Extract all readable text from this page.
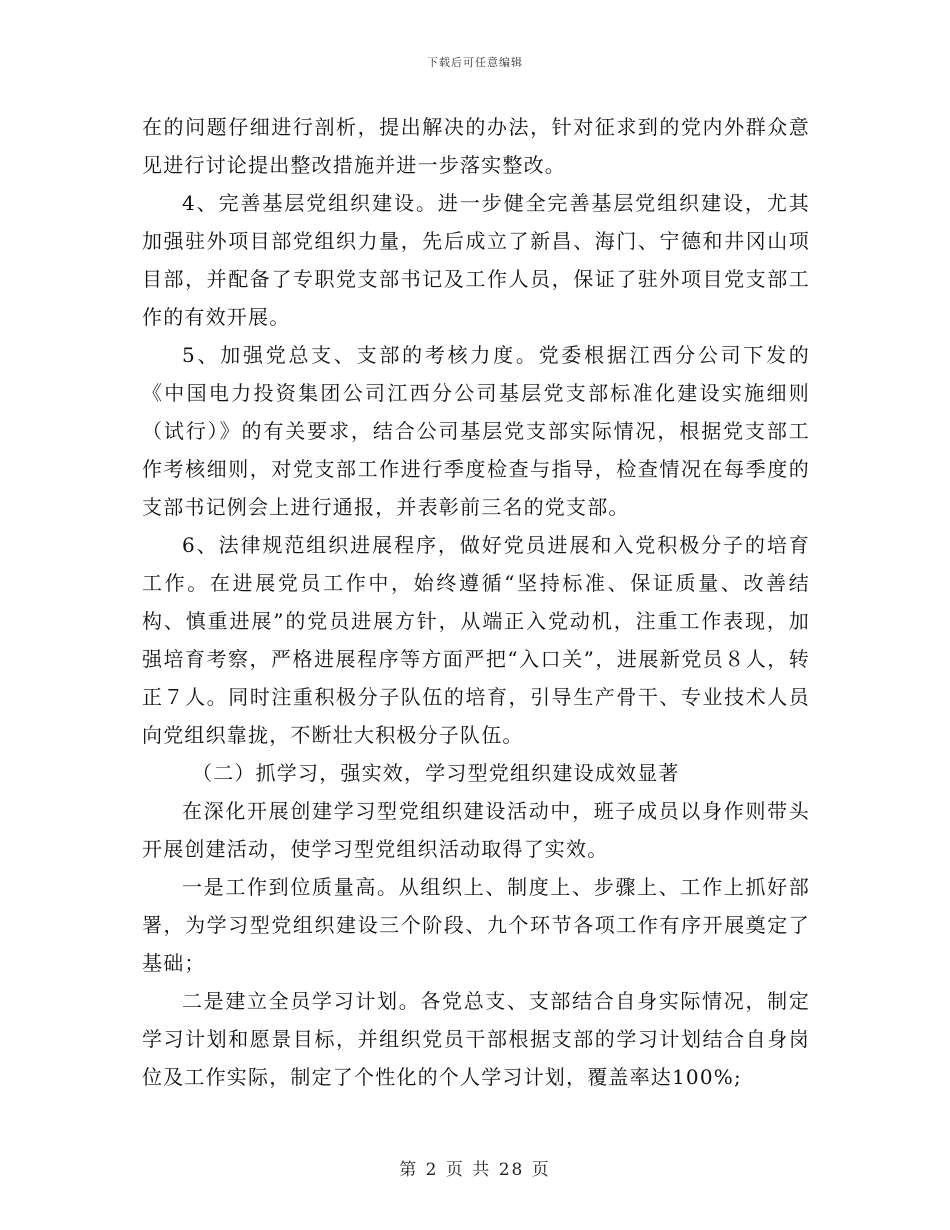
下载后可任意编辑

在的问题仔细进行剖析，提出解决的办法，针对征求到的党内外群众意见进行讨论提出整改措施并进一步落实整改。

4、完善基层党组织建设。进一步健全完善基层党组织建设，尤其加强驻外项目部党组织力量，先后成立了新昌、海门、宁德和井冈山项目部，并配备了专职党支部书记及工作人员，保证了驻外项目党支部工作的有效开展。

5、加强党总支、支部的考核力度。党委根据江西分公司下发的《中国电力投资集团公司江西分公司基层党支部标准化建设实施细则（试行）》的有关要求，结合公司基层党支部实际情况，根据党支部工作考核细则，对党支部工作进行季度检查与指导，检查情况在每季度的支部书记例会上进行通报，并表彰前三名的党支部。

6、法律规范组织进展程序，做好党员进展和入党积极分子的培育工作。在进展党员工作中，始终遵循“坚持标准、保证质量、改善结构、慎重进展”的党员进展方针，从端正入党动机，注重工作表现，加强培育考察，严格进展程序等方面严把“入口关”，进展新党员８人，转正７人。同时注重积极分子队伍的培育，引导生产骨干、专业技术人员向党组织靠拢，不断壮大积极分子队伍。

（二）抓学习，强实效，学习型党组织建设成效显著

在深化开展创建学习型党组织建设活动中，班子成员以身作则带头开展创建活动，使学习型党组织活动取得了实效。

一是工作到位质量高。从组织上、制度上、步骤上、工作上抓好部署，为学习型党组织建设三个阶段、九个环节各项工作有序开展奠定了基础；

二是建立全员学习计划。各党总支、支部结合自身实际情况，制定学习计划和愿景目标，并组织党员干部根据支部的学习计划结合自身岗位及工作实际，制定了个性化的个人学习计划，覆盖率达100%;

第 2 页 共 28 页
